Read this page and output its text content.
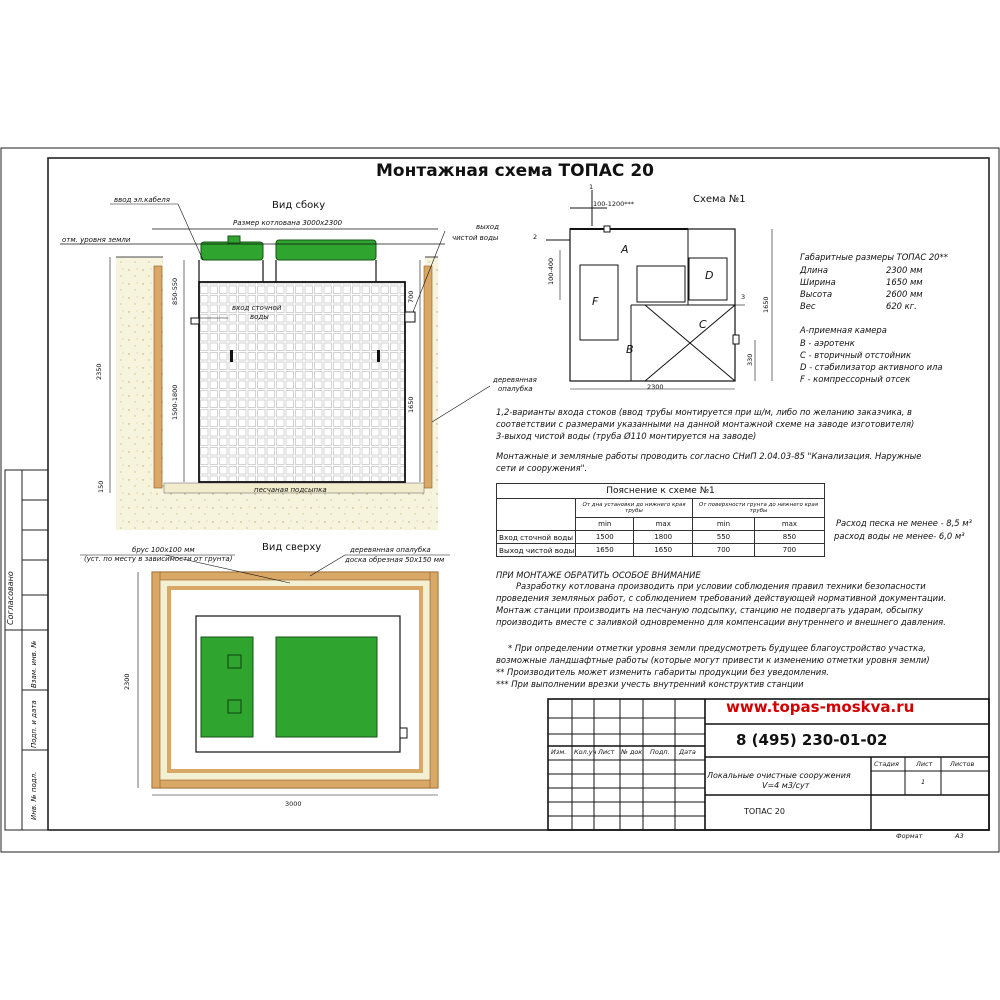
Монтажная схема ТОПАС 20
Вид сбоку
ввод эл.кабеля
Размер котлована 3000х2300
отм. уровня земли
выход
чистой воды
вход сточной
воды
деревянная
опалубка
песчаная подсыпка
2350
850-550
1500-1800
700
1650
150
Вид сверху
брус 100х100 мм
(уст. по месту в зависимости от грунта)
деревянная опалубка
доска обрезная 50х150 мм
3000
2300
Схема №1
1
2
3
100-1200***
100-400
1650
2300
330
A
B
C
D
F
Габаритные размеры ТОПАС 20**
Длина	2300 мм
Ширина	1650 мм
Высота	2600 мм
Вес	620 кг.
А-приемная камера
В - аэротенк
С - вторичный отстойник
D - стабилизатор активного ила
F - компрессорный отсек
1,2-варианты входа стоков (ввод трубы монтируется при ш/м, либо по желанию заказчика, в
соответствии с размерами указанными на данной монтажной схеме на заводе изготовителя)
3-выход чистой воды (труба Ø110 монтируется на заводе)
Монтажные и земляные работы проводить согласно СНиП 2.04.03-85 "Канализация. Наружные
сети и сооружения".
Пояснение к схеме №1				
	От дна установки до нижнего края трубы		От поверхности грунта до нижнего края трубы	
	min	max	min	max
Вход сточной воды	1500	1800	550	850
Выход чистой воды	1650	1650	700	700
Расход песка не менее - 8,5 м³
расход воды не менее- 6,0 м³
ПРИ МОНТАЖЕ ОБРАТИТЬ ОСОБОЕ ВНИМАНИЕ
Разработку котлована производить при условии соблюдения правил техники безопасности
проведения земляных работ, с соблюдением требований действующей нормативной документации.
Монтаж станции производить на песчаную подсыпку, станцию не подвергать ударам, обсыпку
производить вместе с заливкой одновременно для компенсации внутреннего и внешнего давления.
* При определении отметки уровня земли предусмотреть будущее благоустройство участка,
возможные ландшафтные работы (которые могут привести к изменению отметки уровня земли)
** Производитель может изменить габариты продукции без уведомления.
*** При выполнении врезки учесть внутренний конструктив станции
www.topas-moskva.ru
8 (495) 230-01-02
Изм. Кол.уч Лист № док. Подп. Дата
Локальные очистные сооружения
V=4 м3/сут
Стадия	Лист	Листов
1
ТОПАС 20
Формат	А3
Согласовано
Взам. инв. №
Подп. и дата
Инв. № подл.
